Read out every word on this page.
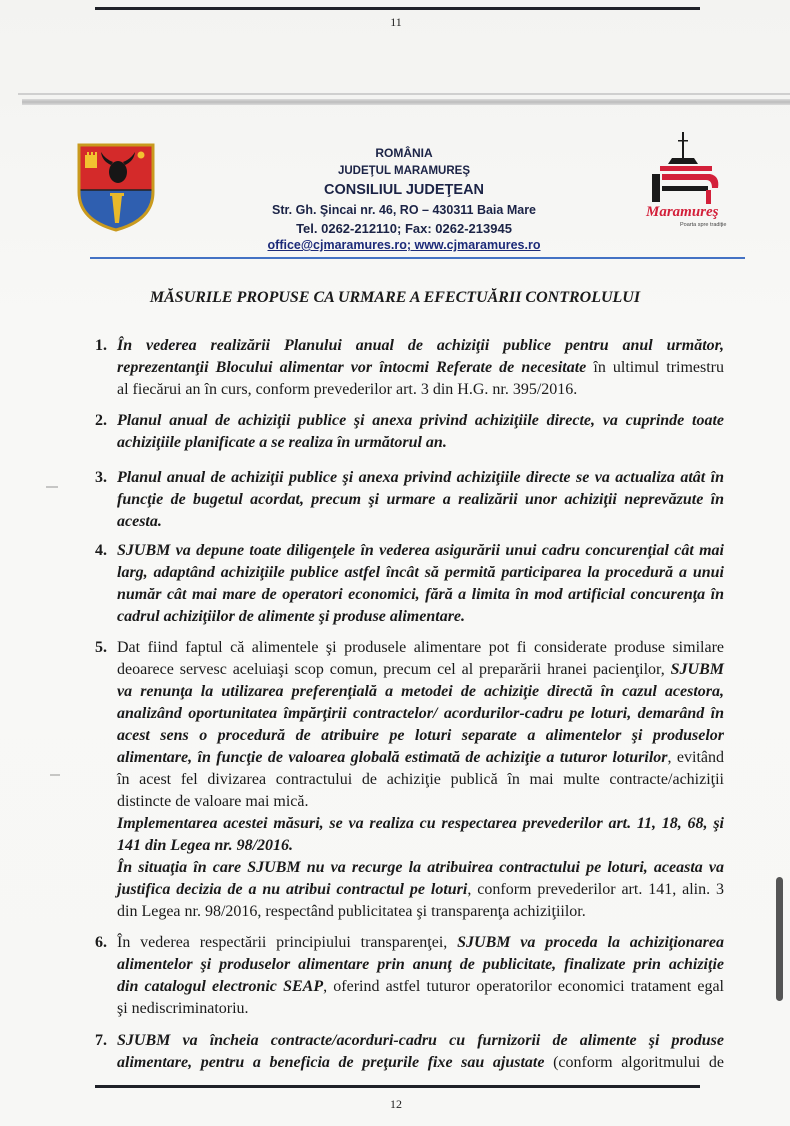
11
ROMÂNIA
JUDEŢUL MARAMUREŞ
CONSILIUL JUDEŢEAN
Str. Gh. Şincai nr. 46, RO – 430311 Baia Mare
Tel. 0262-212110; Fax: 0262-213945
office@cjmaramures.ro; www.cjmaramures.ro
Maramureş
Poarta spre tradiţie
MĂSURILE PROPUSE CA URMARE A EFECTUĂRII CONTROLULUI
1. În vederea realizării Planului anual de achiziţii publice pentru anul următor,
reprezentanţii Blocului alimentar vor întocmi Referate de necesitate în ultimul trimestru
al fiecărui an în curs, conform prevederilor art. 3 din H.G. nr. 395/2016.
2. Planul anual de achiziţii publice şi anexa privind achiziţiile directe, va cuprinde toate
achiziţiile planificate a se realiza în următorul an.
3. Planul anual de achiziţii publice şi anexa privind achiziţiile directe se va actualiza atât în
funcţie de bugetul acordat, precum şi urmare a realizării unor achiziţii neprevăzute în
acesta.
4. SJUBM va depune toate diligenţele în vederea asigurării unui cadru concurenţial cât mai
larg, adaptând achiziţiile publice astfel încât să permită participarea la procedură a unui
număr cât mai mare de operatori economici, fără a limita în mod artificial concurenţa în
cadrul achiziţiilor de alimente şi produse alimentare.
5. Dat fiind faptul că alimentele şi produsele alimentare pot fi considerate produse similare
deoarece servesc aceluiaşi scop comun, precum cel al preparării hranei pacienţilor, SJUBM
va renunţa la utilizarea preferenţială a metodei de achiziţie directă în cazul acestora,
analizând oportunitatea împărţirii contractelor/ acordurilor-cadru pe loturi, demarând în
acest sens o procedură de atribuire pe loturi separate a alimentelor şi produselor
alimentare, în funcţie de valoarea globală estimată de achiziţie a tuturor loturilor, evitând
în acest fel divizarea contractului de achiziţie publică în mai multe contracte/achiziţii
distincte de valoare mai mică.
Implementarea acestei măsuri, se va realiza cu respectarea prevederilor art. 11, 18, 68, şi
141 din Legea nr. 98/2016.
În situaţia în care SJUBM nu va recurge la atribuirea contractului pe loturi, aceasta va
justifica decizia de a nu atribui contractul pe loturi, conform prevederilor art. 141, alin. 3
din Legea nr. 98/2016, respectând publicitatea şi transparenţa achiziţiilor.
6. În vederea respectării principiului transparenţei, SJUBM va proceda la achiziţionarea
alimentelor şi produselor alimentare prin anunţ de publicitate, finalizate prin achiziţie
din catalogul electronic SEAP, oferind astfel tuturor operatorilor economici tratament egal
şi nediscriminatoriu.
7. SJUBM va încheia contracte/acorduri-cadru cu furnizorii de alimente şi produse
alimentare, pentru a beneficia de preţurile fixe sau ajustate (conform algoritmului de
12
